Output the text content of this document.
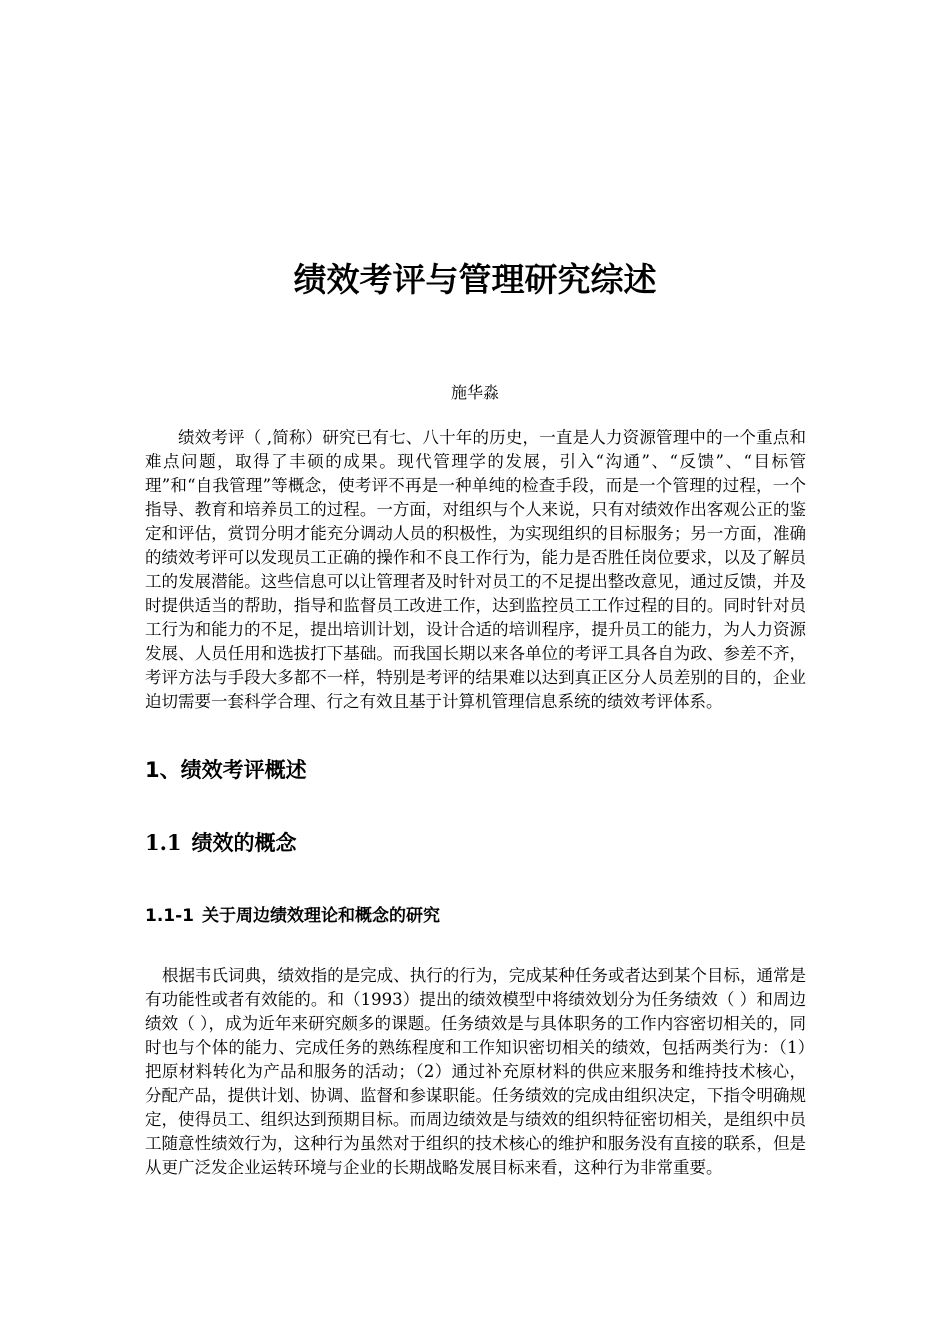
绩效考评与管理研究综述

施华淼

绩效考评（ ,简称）研究已有七、八十年的历史，一直是人力资源管理中的一个重点和难点问题，取得了丰硕的成果。现代管理学的发展，引入“沟通”、“反馈”、“目标管理”和“自我管理”等概念，使考评不再是一种单纯的检查手段，而是一个管理的过程，一个指导、教育和培养员工的过程。一方面，对组织与个人来说，只有对绩效作出客观公正的鉴定和评估，赏罚分明才能充分调动人员的积极性，为实现组织的目标服务；另一方面，准确的绩效考评可以发现员工正确的操作和不良工作行为，能力是否胜任岗位要求，以及了解员工的发展潜能。这些信息可以让管理者及时针对员工的不足提出整改意见，通过反馈，并及时提供适当的帮助，指导和监督员工改进工作，达到监控员工工作过程的目的。同时针对员工行为和能力的不足，提出培训计划，设计合适的培训程序，提升员工的能力，为人力资源发展、人员任用和选拔打下基础。而我国长期以来各单位的考评工具各自为政、参差不齐，考评方法与手段大多都不一样，特别是考评的结果难以达到真正区分人员差别的目的，企业迫切需要一套科学合理、行之有效且基于计算机管理信息系统的绩效考评体系。

1、绩效考评概述
1.1 绩效的概念
1.1-1 关于周边绩效理论和概念的研究

根据韦氏词典，绩效指的是完成、执行的行为，完成某种任务或者达到某个目标，通常是有功能性或者有效能的。和（1993）提出的绩效模型中将绩效划分为任务绩效（ ）和周边绩效（ ），成为近年来研究颇多的课题。任务绩效是与具体职务的工作内容密切相关的，同时也与个体的能力、完成任务的熟练程度和工作知识密切相关的绩效，包括两类行为：（1）把原材料转化为产品和服务的活动；（2）通过补充原材料的供应来服务和维持技术核心，分配产品，提供计划、协调、监督和参谋职能。任务绩效的完成由组织决定，下指令明确规定，使得员工、组织达到预期目标。而周边绩效是与绩效的组织特征密切相关，是组织中员工随意性绩效行为，这种行为虽然对于组织的技术核心的维护和服务没有直接的联系，但是从更广泛发企业运转环境与企业的长期战略发展目标来看，这种行为非常重要。
